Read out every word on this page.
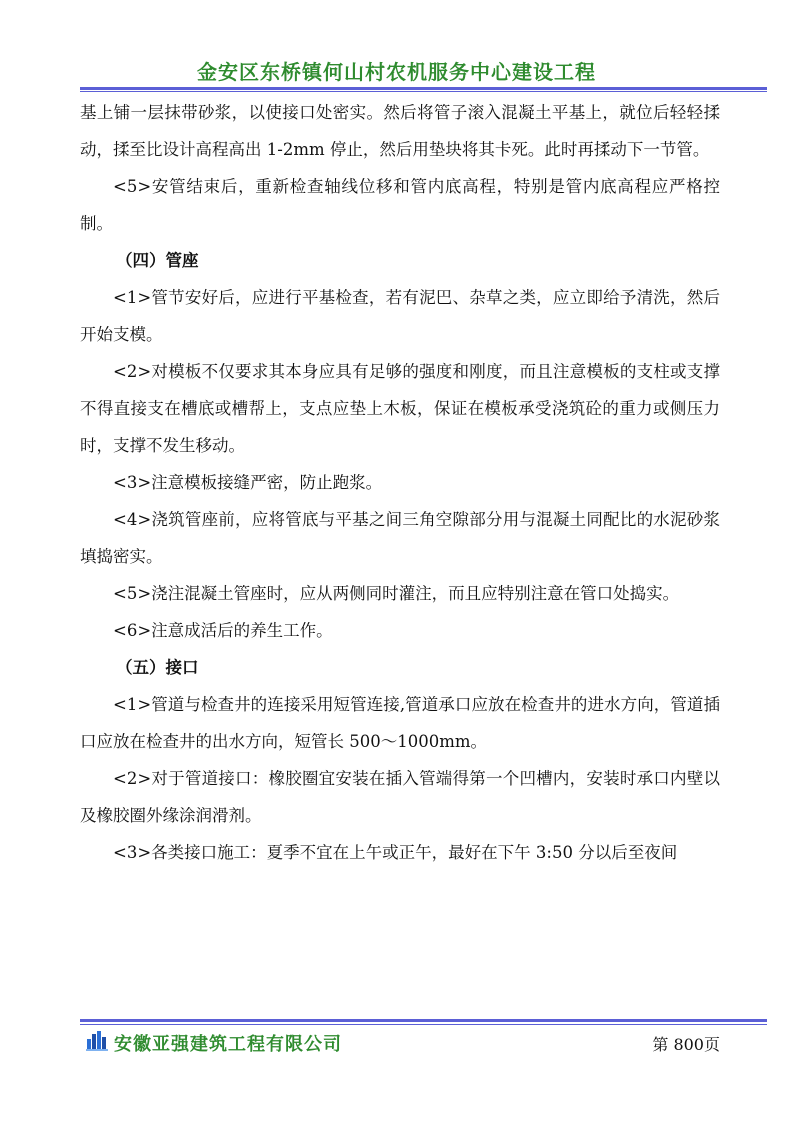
金安区东桥镇何山村农机服务中心建设工程

基上铺一层抹带砂浆，以使接口处密实。然后将管子滚入混凝土平基上，就位后轻轻揉动，揉至比设计高程高出 1-2mm 停止，然后用垫块将其卡死。此时再揉动下一节管。

<5>安管结束后，重新检查轴线位移和管内底高程，特别是管内底高程应严格控制。

（四）管座

<1>管节安好后，应进行平基检查，若有泥巴、杂草之类，应立即给予清洗，然后开始支模。

<2>对模板不仅要求其本身应具有足够的强度和刚度，而且注意模板的支柱或支撑不得直接支在槽底或槽帮上，支点应垫上木板，保证在模板承受浇筑砼的重力或侧压力时，支撑不发生移动。

<3>注意模板接缝严密，防止跑浆。

<4>浇筑管座前，应将管底与平基之间三角空隙部分用与混凝土同配比的水泥砂浆填捣密实。

<5>浇注混凝土管座时，应从两侧同时灌注，而且应特别注意在管口处捣实。

<6>注意成活后的养生工作。

（五）接口

<1>管道与检查井的连接采用短管连接,管道承口应放在检查井的进水方向，管道插口应放在检查井的出水方向，短管长 500～1000mm。

<2>对于管道接口：橡胶圈宜安装在插入管端得第一个凹槽内，安装时承口内壁以及橡胶圈外缘涂润滑剂。

<3>各类接口施工：夏季不宜在上午或正午，最好在下午 3:50 分以后至夜间

安徽亚强建筑工程有限公司	第 800页
